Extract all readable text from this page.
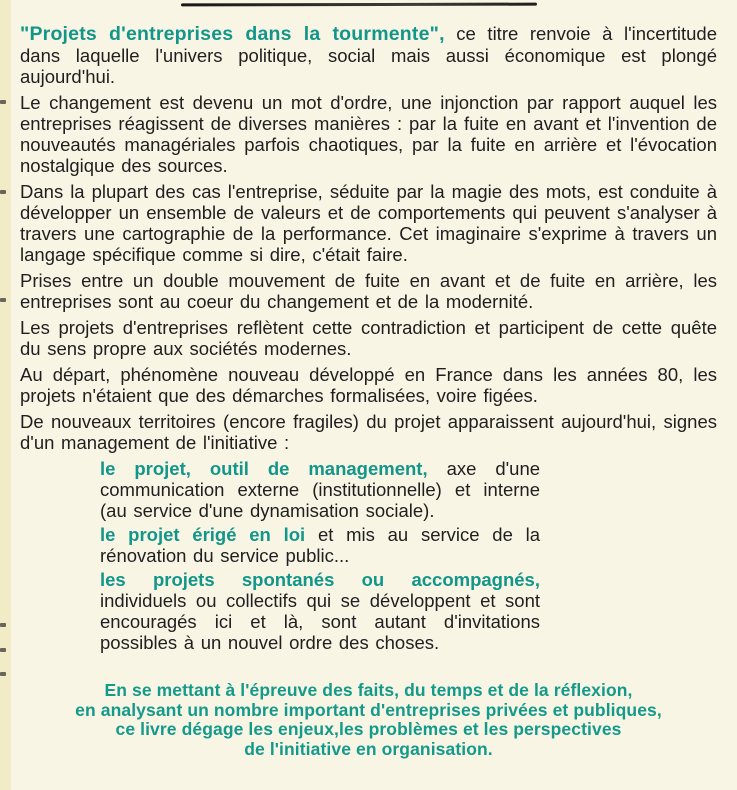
"Projets d'entreprises dans la tourmente", ce titre renvoie à l'incertitude dans laquelle l'univers politique, social mais aussi économique est plongé aujourd'hui.

Le changement est devenu un mot d'ordre, une injonction par rapport auquel les entreprises réagissent de diverses manières : par la fuite en avant et l'invention de nouveautés managériales parfois chaotiques, par la fuite en arrière et l'évocation nostalgique des sources.

Dans la plupart des cas l'entreprise, séduite par la magie des mots, est conduite à développer un ensemble de valeurs et de comportements qui peuvent s'analyser à travers une cartographie de la performance. Cet imaginaire s'exprime à travers un langage spécifique comme si dire, c'était faire.

Prises entre un double mouvement de fuite en avant et de fuite en arrière, les entreprises sont au coeur du changement et de la modernité.

Les projets d'entreprises reflètent cette contradiction et participent de cette quête du sens propre aux sociétés modernes.

Au départ, phénomène nouveau développé en France dans les années 80, les projets n'étaient que des démarches formalisées, voire figées.

De nouveaux territoires (encore fragiles) du projet apparaissent aujourd'hui, signes d'un management de l'initiative :

le projet, outil de management, axe d'une communication externe (institutionnelle) et interne (au service d'une dynamisation sociale).

le projet érigé en loi et mis au service de la rénovation du service public...

les projets spontanés ou accompagnés, individuels ou collectifs qui se développent et sont encouragés ici et là, sont autant d'invitations possibles à un nouvel ordre des choses.

En se mettant à l'épreuve des faits, du temps et de la réflexion,
en analysant un nombre important d'entreprises privées et publiques,
ce livre dégage les enjeux,les problèmes et les perspectives
de l'initiative en organisation.
